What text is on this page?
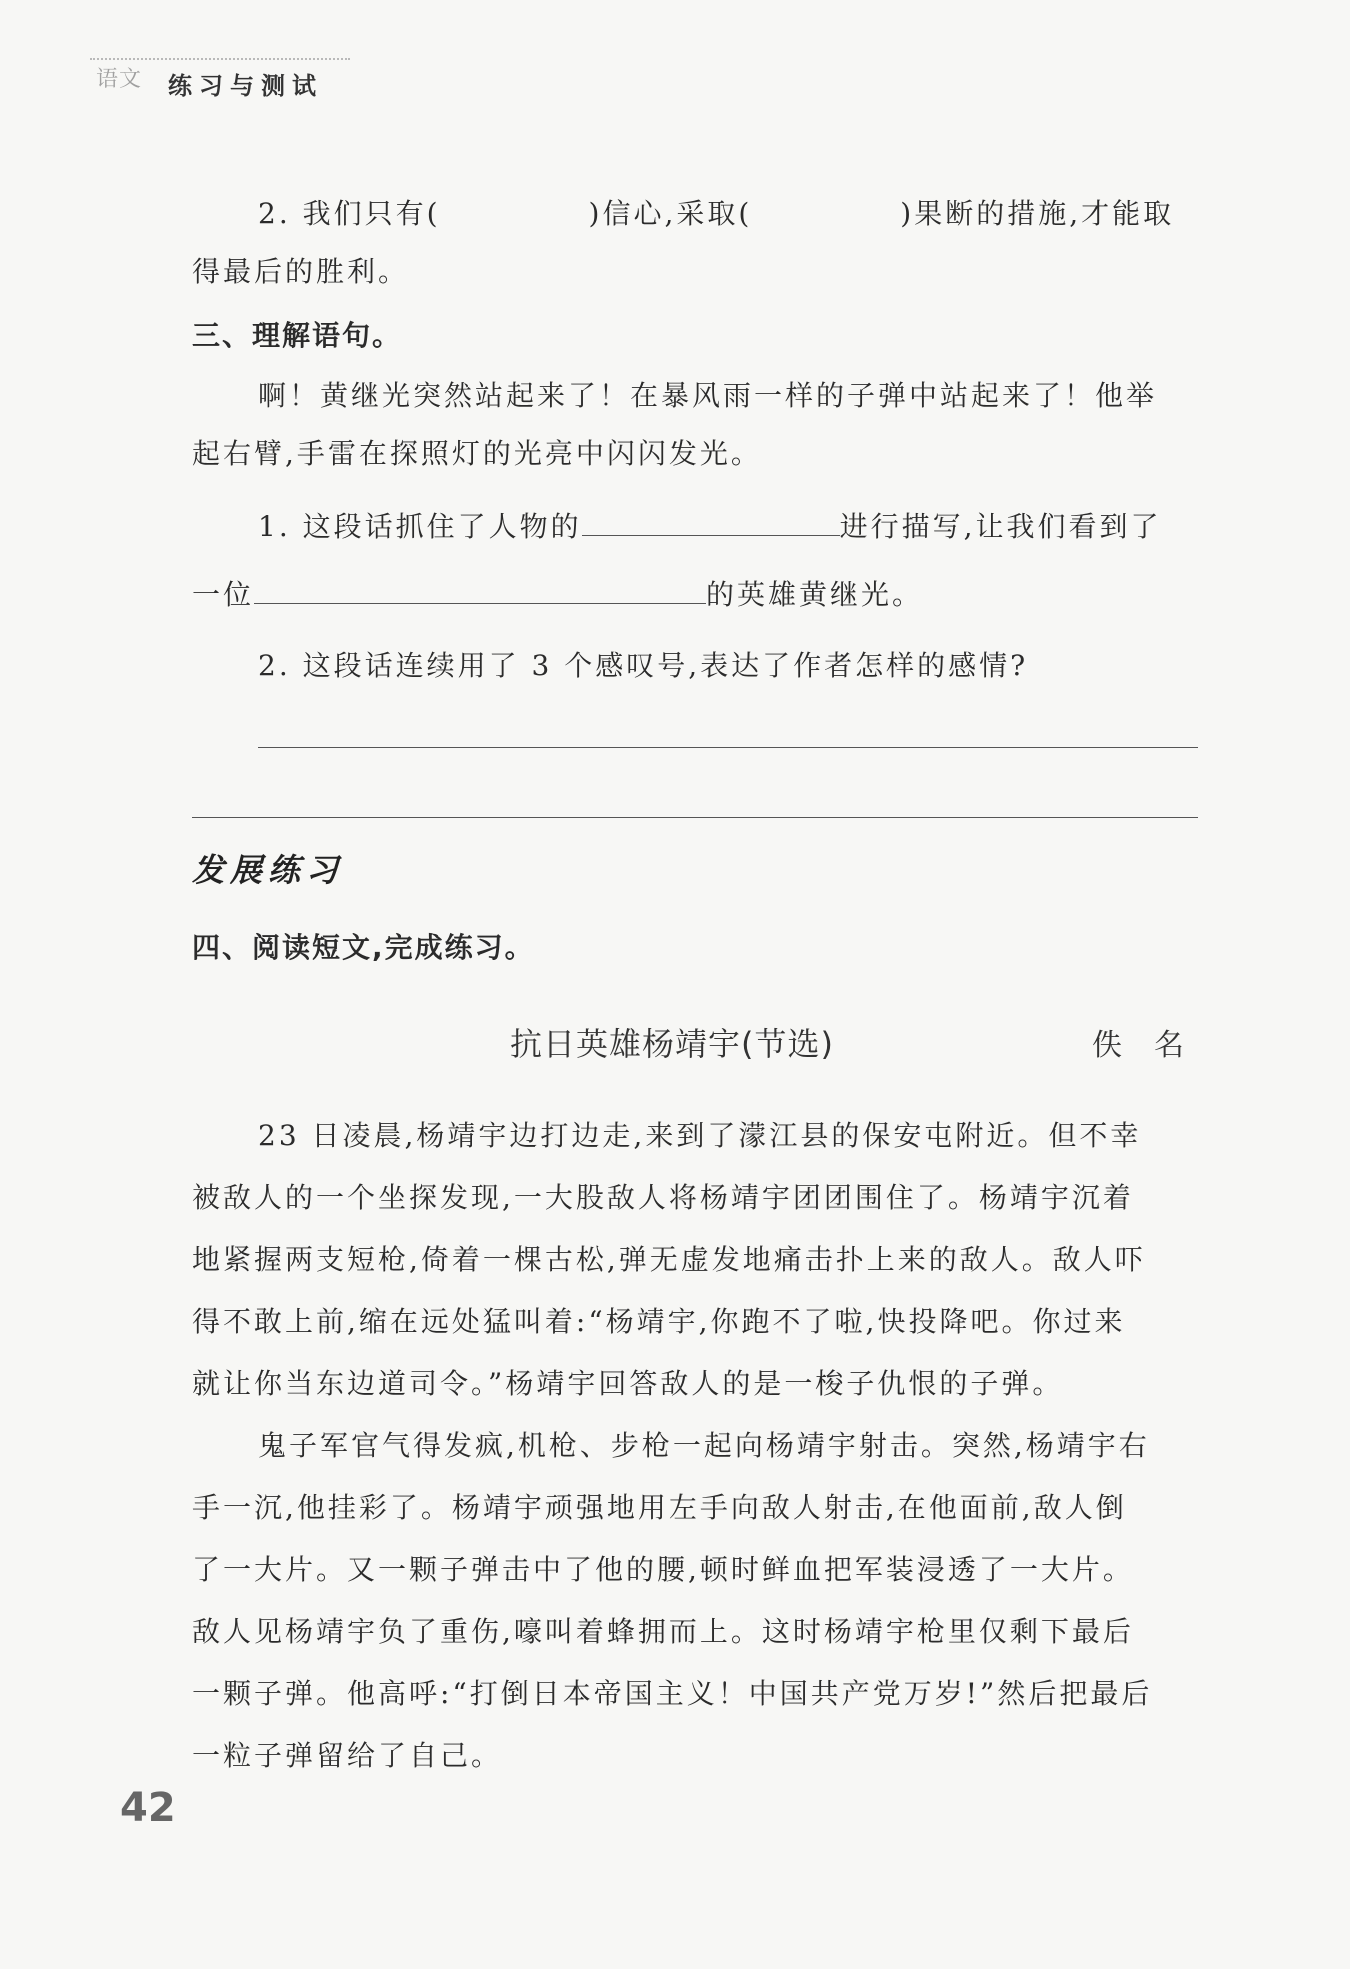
语文 练习与测试
2. 我们只有(	)信心,采取(	)果断的措施,才能取
得最后的胜利。
三、理解语句。
啊！黄继光突然站起来了！在暴风雨一样的子弹中站起来了！他举
起右臂,手雷在探照灯的光亮中闪闪发光。
1. 这段话抓住了人物的	进行描写,让我们看到了
一位	的英雄黄继光。
2. 这段话连续用了 3 个感叹号,表达了作者怎样的感情?
发展练习
四、阅读短文,完成练习。
抗日英雄杨靖宇(节选)	佚名
23 日凌晨,杨靖宇边打边走,来到了濛江县的保安屯附近。但不幸
被敌人的一个坐探发现,一大股敌人将杨靖宇团团围住了。杨靖宇沉着
地紧握两支短枪,倚着一棵古松,弹无虚发地痛击扑上来的敌人。敌人吓
得不敢上前,缩在远处猛叫着:“杨靖宇,你跑不了啦,快投降吧。你过来
就让你当东边道司令。”杨靖宇回答敌人的是一梭子仇恨的子弹。
鬼子军官气得发疯,机枪、步枪一起向杨靖宇射击。突然,杨靖宇右
手一沉,他挂彩了。杨靖宇顽强地用左手向敌人射击,在他面前,敌人倒
了一大片。又一颗子弹击中了他的腰,顿时鲜血把军装浸透了一大片。
敌人见杨靖宇负了重伤,嚎叫着蜂拥而上。这时杨靖宇枪里仅剩下最后
一颗子弹。他高呼:“打倒日本帝国主义！中国共产党万岁!”然后把最后
一粒子弹留给了自己。
42
